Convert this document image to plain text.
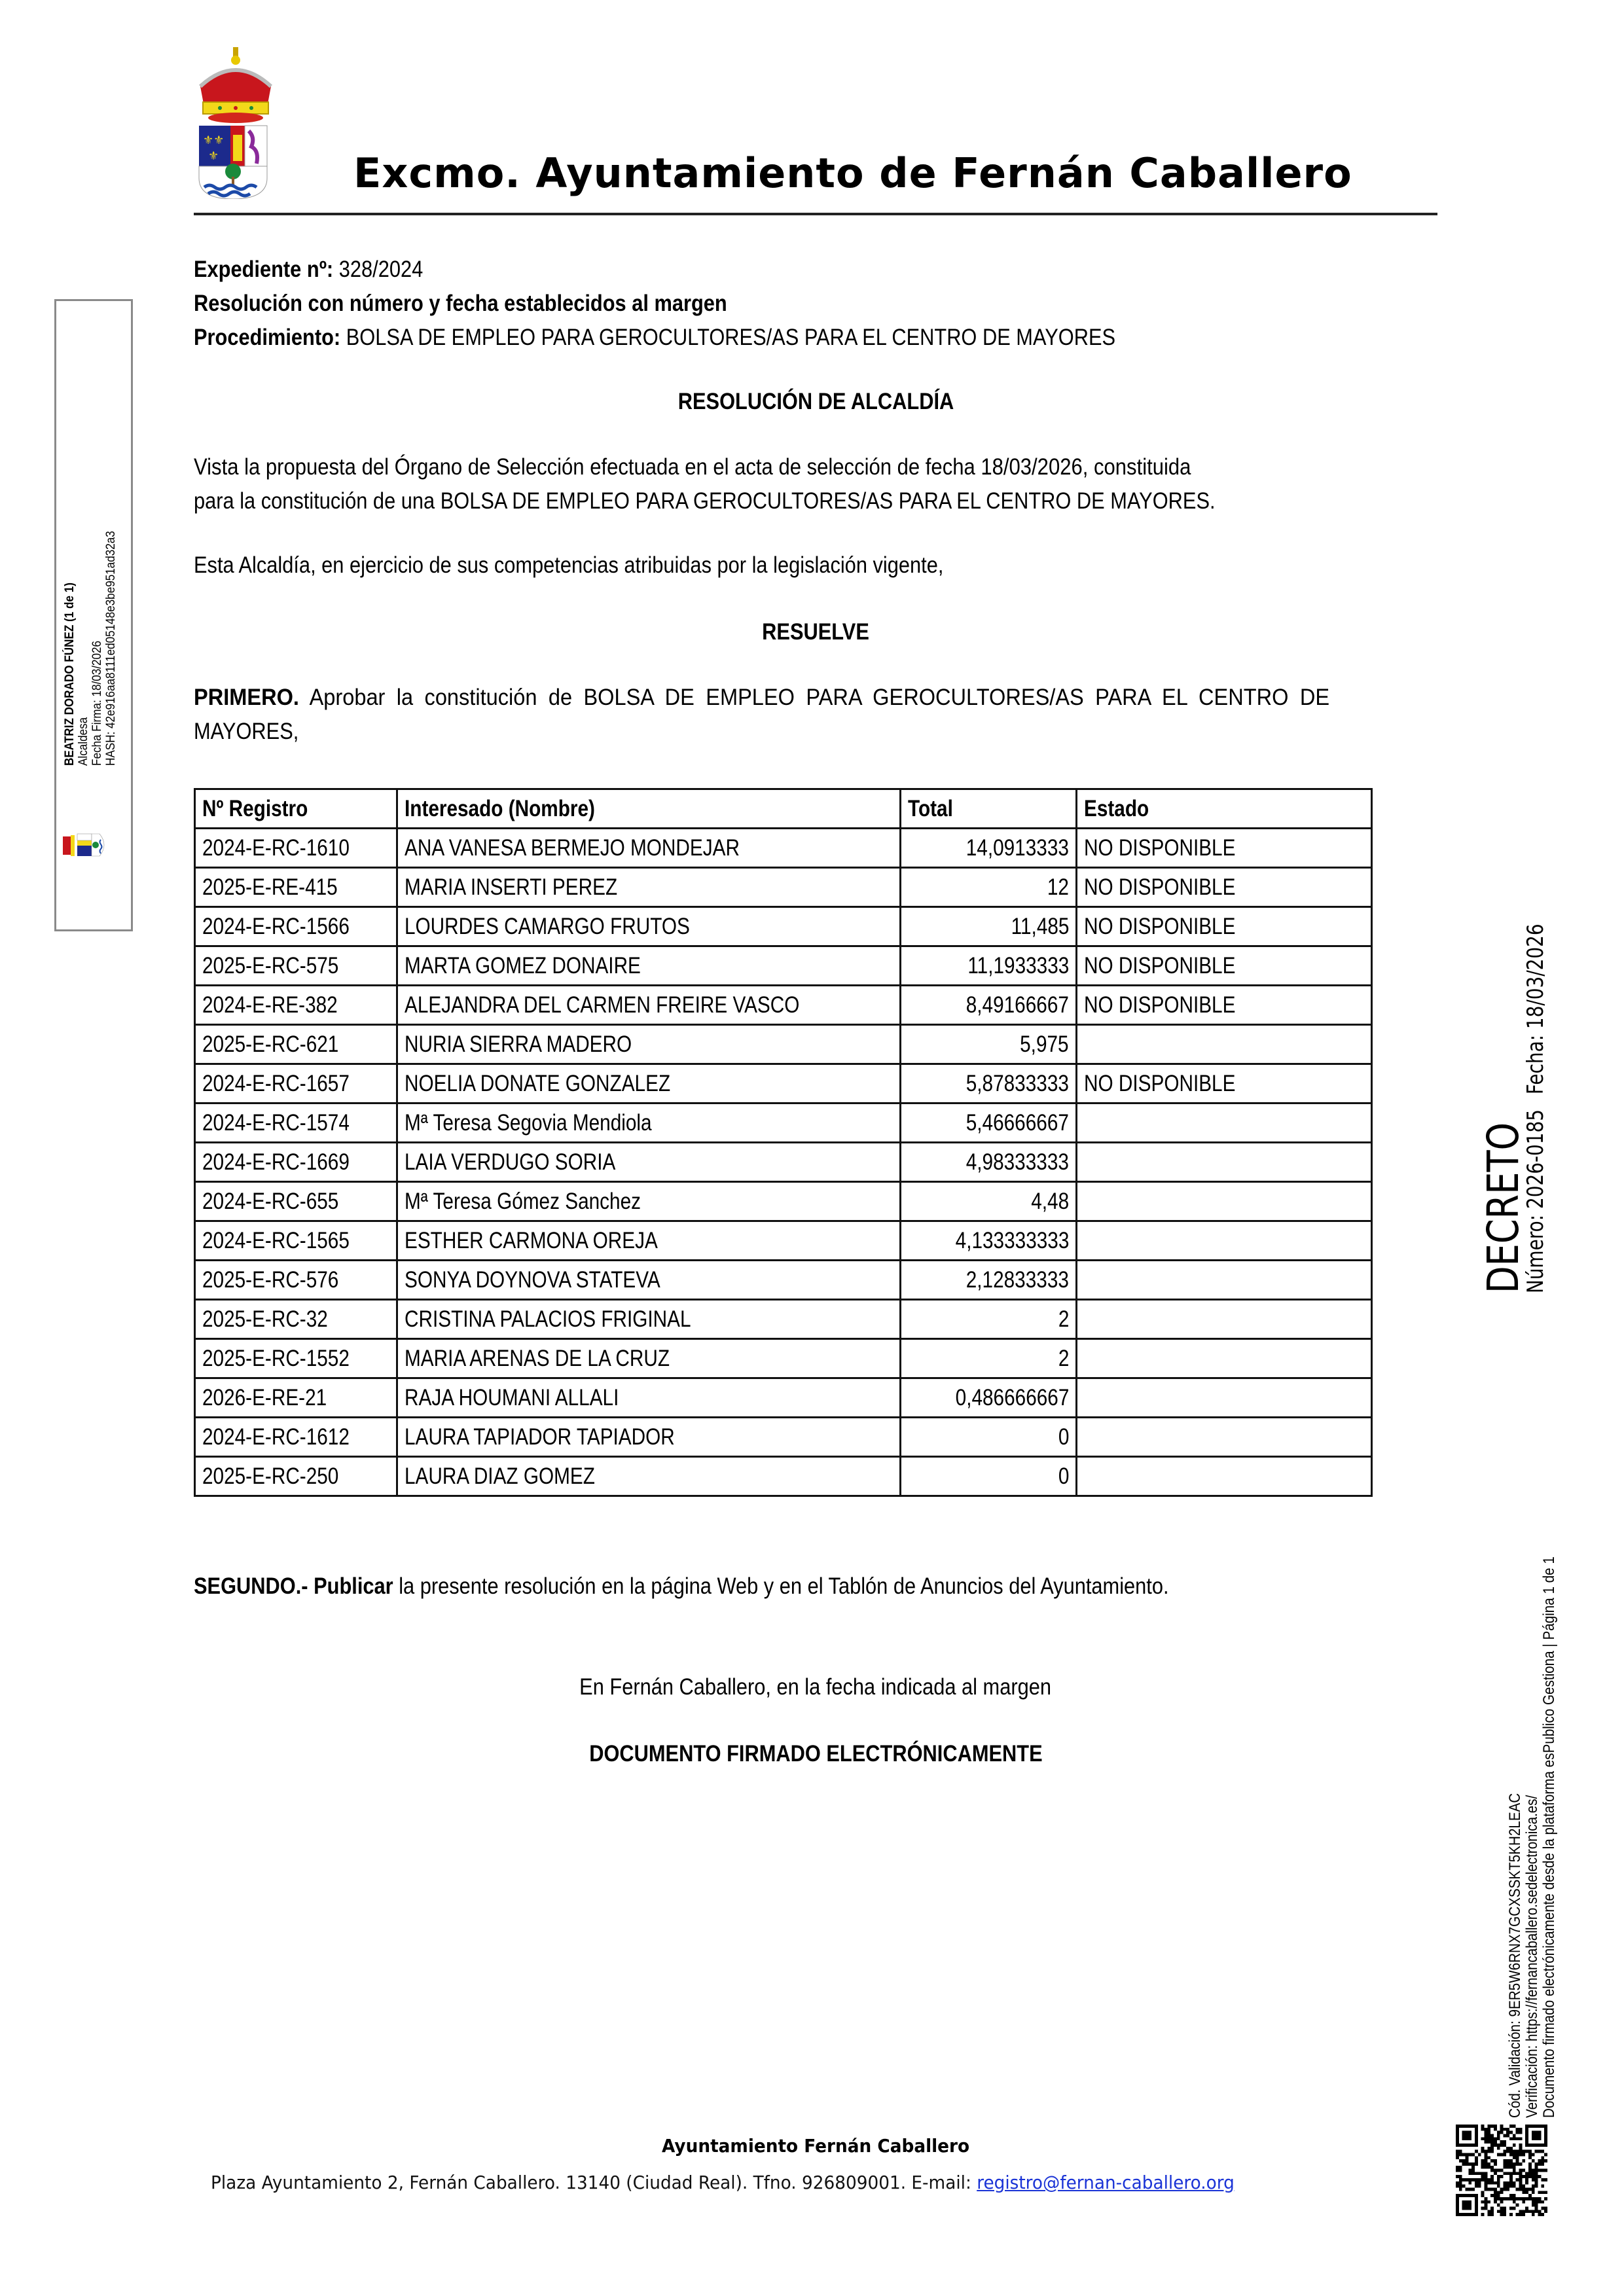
⚜⚜
⚜	Excmo. Ayuntamiento de Fernán Caballero
Expediente nº: 328/2024
Resolución con número y fecha establecidos al margen
Procedimiento: BOLSA DE EMPLEO PARA GEROCULTORES/AS PARA EL CENTRO DE MAYORES
RESOLUCIÓN DE ALCALDÍA
Vista la propuesta del Órgano de Selección efectuada en el acta de selección de fecha 18/03/2026, constituida
para la constitución de una BOLSA DE EMPLEO PARA GEROCULTORES/AS PARA EL CENTRO DE MAYORES.
Esta Alcaldía, en ejercicio de sus competencias atribuidas por la legislación vigente,
RESUELVE
PRIMERO. Aprobar la constitución de BOLSA DE EMPLEO PARA GEROCULTORES/AS PARA EL CENTRO DE
MAYORES,
Nº Registro	Interesado (Nombre)	Total	Estado
2024-E-RC-1610	ANA VANESA BERMEJO MONDEJAR	14,0913333	NO DISPONIBLE
2025-E-RE-415	MARIA INSERTI PEREZ	12	NO DISPONIBLE
2024-E-RC-1566	LOURDES CAMARGO FRUTOS	11,485	NO DISPONIBLE
2025-E-RC-575	MARTA GOMEZ DONAIRE	11,1933333	NO DISPONIBLE
2024-E-RE-382	ALEJANDRA DEL CARMEN FREIRE VASCO	8,49166667	NO DISPONIBLE
2025-E-RC-621	NURIA SIERRA MADERO	5,975	
2024-E-RC-1657	NOELIA DONATE GONZALEZ	5,87833333	NO DISPONIBLE
2024-E-RC-1574	Mª Teresa Segovia Mendiola	5,46666667	
2024-E-RC-1669	LAIA VERDUGO SORIA	4,98333333	
2024-E-RC-655	Mª Teresa Gómez Sanchez	4,48	
2024-E-RC-1565	ESTHER CARMONA OREJA	4,133333333	
2025-E-RC-576	SONYA DOYNOVA STATEVA	2,12833333	
2025-E-RC-32	CRISTINA PALACIOS FRIGINAL	2	
2025-E-RC-1552	MARIA ARENAS DE LA CRUZ	2	
2026-E-RE-21	RAJA HOUMANI ALLALI	0,486666667	
2024-E-RC-1612	LAURA TAPIADOR TAPIADOR	0	
2025-E-RC-250	LAURA DIAZ GOMEZ	0	
SEGUNDO.- Publicar la presente resolución en la página Web y en el Tablón de Anuncios del Ayuntamiento.
En Fernán Caballero, en la fecha indicada al margen
DOCUMENTO FIRMADO ELECTRÓNICAMENTE
BEATRIZ DORADO FÚNEZ (1 de 1) Alcaldesa Fecha Firma: 18/03/2026 HASH: 42e916aa8111ed05148e3be951ad32a3
DECRETO
Número: 2026-0185Fecha: 18/03/2026
Cód. Validación: 9ER5W6RNX7GCXSSKT5KH2LEAC Verificación: https://fernancaballero.sedelectronica.es/ Documento firmado electrónicamente desde la plataforma esPublico Gestiona | Página 1 de 1
Ayuntamiento Fernán Caballero
Plaza Ayuntamiento 2, Fernán Caballero. 13140 (Ciudad Real). Tfno. 926809001. E-mail: registro@fernan-caballero.org
